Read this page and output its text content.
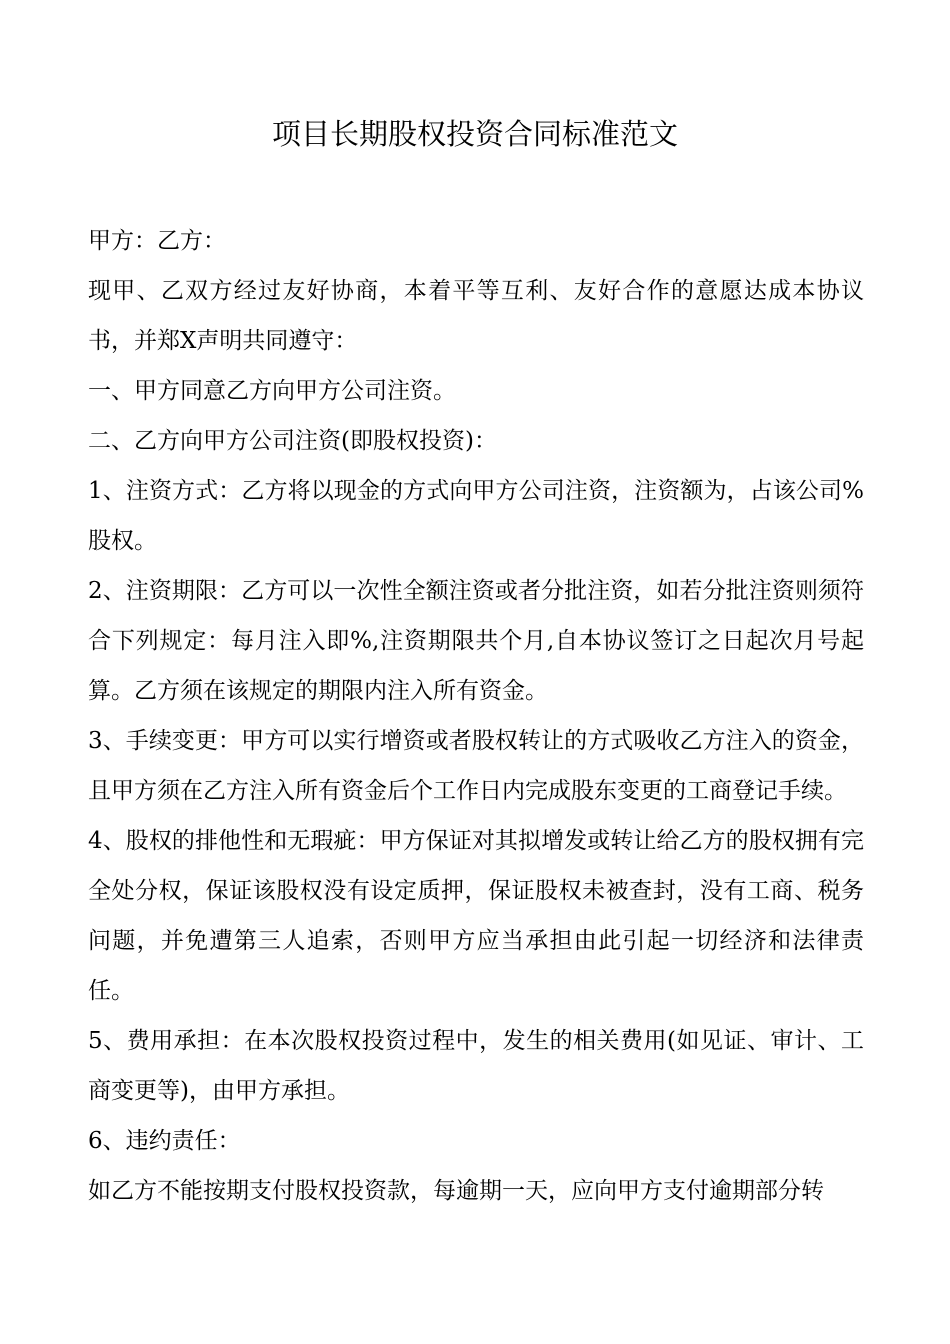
项目长期股权投资合同标准范文

甲方：乙方：

现甲、乙双方经过友好协商，本着平等互利、友好合作的意愿达成本协议书，并郑X声明共同遵守：

一、甲方同意乙方向甲方公司注资。

二、乙方向甲方公司注资(即股权投资)：

1、注资方式：乙方将以现金的方式向甲方公司注资，注资额为，占该公司%股权。

2、注资期限：乙方可以一次性全额注资或者分批注资，如若分批注资则须符合下列规定：每月注入即%,注资期限共个月,自本协议签订之日起次月号起算。乙方须在该规定的期限内注入所有资金。

3、手续变更：甲方可以实行增资或者股权转让的方式吸收乙方注入的资金，且甲方须在乙方注入所有资金后个工作日内完成股东变更的工商登记手续。

4、股权的排他性和无瑕疵：甲方保证对其拟增发或转让给乙方的股权拥有完全处分权，保证该股权没有设定质押，保证股权未被查封，没有工商、税务问题，并免遭第三人追索，否则甲方应当承担由此引起一切经济和法律责任。

5、费用承担：在本次股权投资过程中，发生的相关费用(如见证、审计、工商变更等)，由甲方承担。

6、违约责任：

如乙方不能按期支付股权投资款，每逾期一天，应向甲方支付逾期部分转
